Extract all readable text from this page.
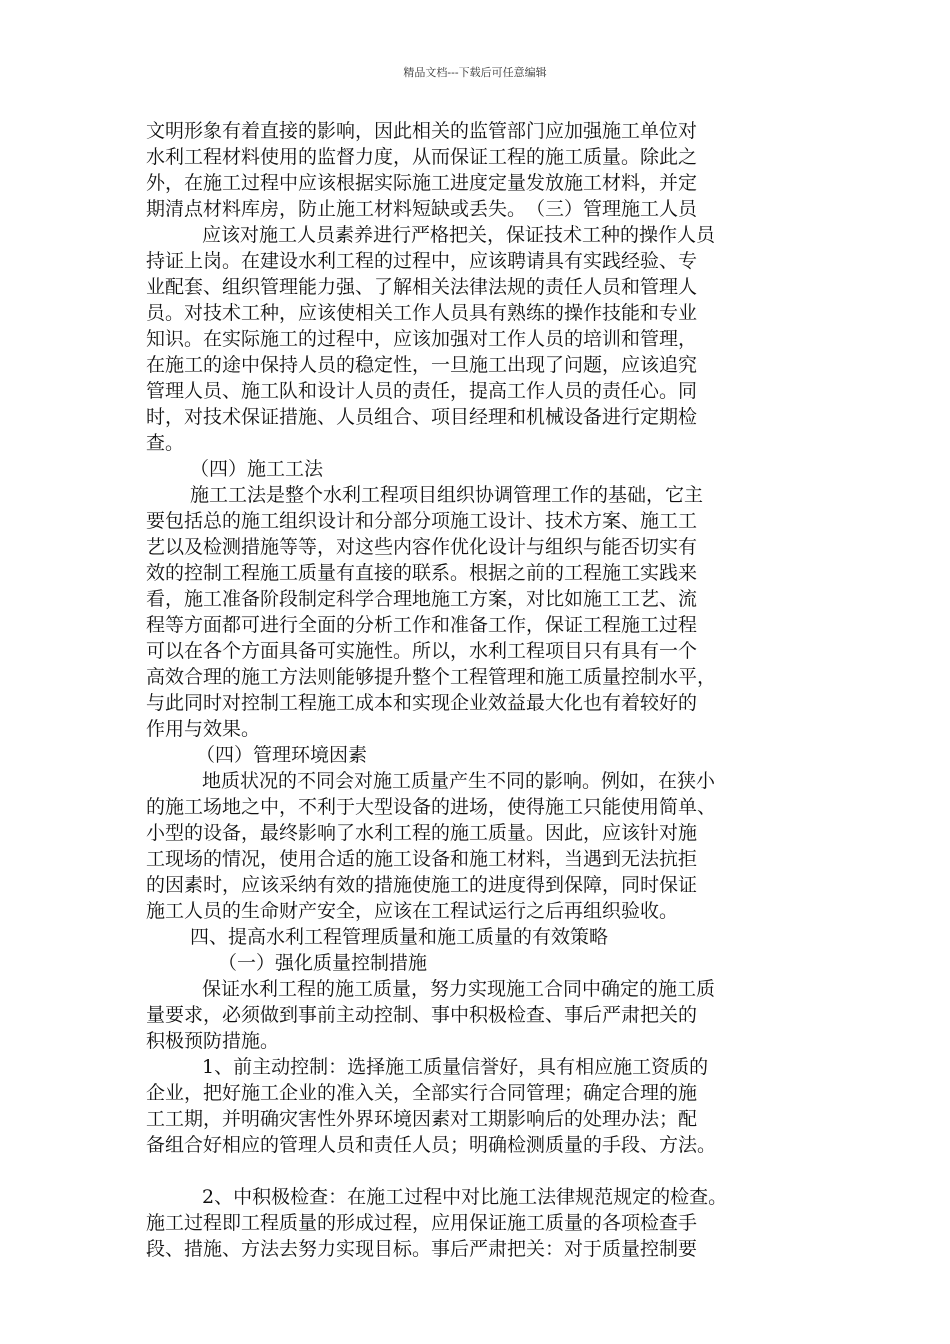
精品文档---下载后可任意编辑
文明形象有着直接的影响，因此相关的监管部门应加强施工单位对
水利工程材料使用的监督力度，从而保证工程的施工质量。除此之
外，在施工过程中应该根据实际施工进度定量发放施工材料，并定
期清点材料库房，防止施工材料短缺或丢失。　（三）管理施工人员
应该对施工人员素养进行严格把关，保证技术工种的操作人员
持证上岗。在建设水利工程的过程中，应该聘请具有实践经验、专
业配套、组织管理能力强、了解相关法律法规的责任人员和管理人
员。对技术工种，应该使相关工作人员具有熟练的操作技能和专业
知识。在实际施工的过程中，应该加强对工作人员的培训和管理，
在施工的途中保持人员的稳定性，一旦施工出现了问题，应该追究
管理人员、施工队和设计人员的责任，提高工作人员的责任心。同
时，对技术保证措施、人员组合、项目经理和机械设备进行定期检
查。
（四）施工工法
施工工法是整个水利工程项目组织协调管理工作的基础，它主
要包括总的施工组织设计和分部分项施工设计、技术方案、施工工
艺以及检测措施等等，对这些内容作优化设计与组织与能否切实有
效的控制工程施工质量有直接的联系。根据之前的工程施工实践来
看，施工准备阶段制定科学合理地施工方案，对比如施工工艺、流
程等方面都可进行全面的分析工作和准备工作，保证工程施工过程
可以在各个方面具备可实施性。所以，水利工程项目只有具有一个
高效合理的施工方法则能够提升整个工程管理和施工质量控制水平，
与此同时对控制工程施工成本和实现企业效益最大化也有着较好的
作用与效果。
（四）管理环境因素
地质状况的不同会对施工质量产生不同的影响。例如，在狭小
的施工场地之中，不利于大型设备的进场，使得施工只能使用简单、
小型的设备，最终影响了水利工程的施工质量。因此，应该针对施
工现场的情况，使用合适的施工设备和施工材料，当遇到无法抗拒
的因素时，应该采纳有效的措施使施工的进度得到保障，同时保证
施工人员的生命财产安全，应该在工程试运行之后再组织验收。
四、提高水利工程管理质量和施工质量的有效策略
（一）强化质量控制措施
保证水利工程的施工质量，努力实现施工合同中确定的施工质
量要求，必须做到事前主动控制、事中积极检查、事后严肃把关的
积极预防措施。
1、前主动控制：选择施工质量信誉好，具有相应施工资质的
企业，把好施工企业的准入关，全部实行合同管理；确定合理的施
工工期，并明确灾害性外界环境因素对工期影响后的处理办法；配
备组合好相应的管理人员和责任人员；明确检测质量的手段、方法。
2、中积极检查：在施工过程中对比施工法律规范规定的检查。
施工过程即工程质量的形成过程，应用保证施工质量的各项检查手
段、措施、方法去努力实现目标。事后严肃把关：对于质量控制要
